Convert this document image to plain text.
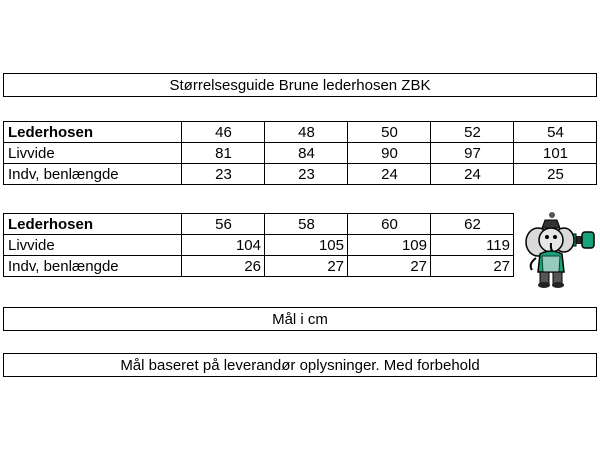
Størrelsesguide Brune lederhosen ZBK
Lederhosen	46	48	50	52	54
Livvide	81	84	90	97	101
Indv, benlængde	23	23	24	24	25
Lederhosen	56	58	60	62
Livvide	104	105	109	119
Indv, benlængde	26	27	27	27
Mål i cm
Mål baseret på leverandør oplysninger. Med forbehold
